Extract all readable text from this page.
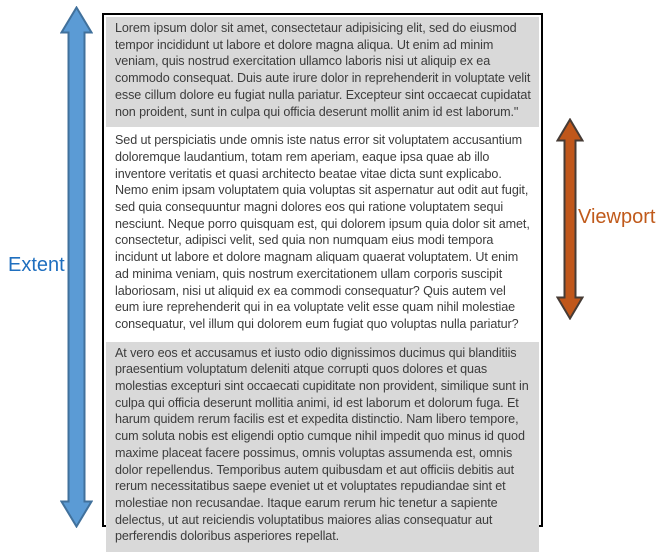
Extent
Lorem ipsum dolor sit amet, consectetaur adipisicing elit, sed do eiusmod tempor incididunt ut labore et dolore magna aliqua. Ut enim ad minim veniam, quis nostrud exercitation ullamco laboris nisi ut aliquip ex ea commodo consequat. Duis aute irure dolor in reprehenderit in voluptate velit esse cillum dolore eu fugiat nulla pariatur. Excepteur sint occaecat cupidatat non proident, sunt in culpa qui officia deserunt mollit anim id est laborum."
Sed ut perspiciatis unde omnis iste natus error sit voluptatem accusantium doloremque laudantium, totam rem aperiam, eaque ipsa quae ab illo inventore veritatis et quasi architecto beatae vitae dicta sunt explicabo. Nemo enim ipsam voluptatem quia voluptas sit aspernatur aut odit aut fugit, sed quia consequuntur magni dolores eos qui ratione voluptatem sequi nesciunt. Neque porro quisquam est, qui dolorem ipsum quia dolor sit amet, consectetur, adipisci velit, sed quia non numquam eius modi tempora incidunt ut labore et dolore magnam aliquam quaerat voluptatem. Ut enim ad minima veniam, quis nostrum exercitationem ullam corporis suscipit laboriosam, nisi ut aliquid ex ea commodi consequatur? Quis autem vel eum iure reprehenderit qui in ea voluptate velit esse quam nihil molestiae consequatur, vel illum qui dolorem eum fugiat quo voluptas nulla pariatur?
At vero eos et accusamus et iusto odio dignissimos ducimus qui blanditiis praesentium voluptatum deleniti atque corrupti quos dolores et quas molestias excepturi sint occaecati cupiditate non provident, similique sunt in culpa qui officia deserunt mollitia animi, id est laborum et dolorum fuga. Et harum quidem rerum facilis est et expedita distinctio. Nam libero tempore, cum soluta nobis est eligendi optio cumque nihil impedit quo minus id quod maxime placeat facere possimus, omnis voluptas assumenda est, omnis dolor repellendus. Temporibus autem quibusdam et aut officiis debitis aut rerum necessitatibus saepe eveniet ut et voluptates repudiandae sint et molestiae non recusandae. Itaque earum rerum hic tenetur a sapiente delectus, ut aut reiciendis voluptatibus maiores alias consequatur aut perferendis doloribus asperiores repellat.
Viewport
